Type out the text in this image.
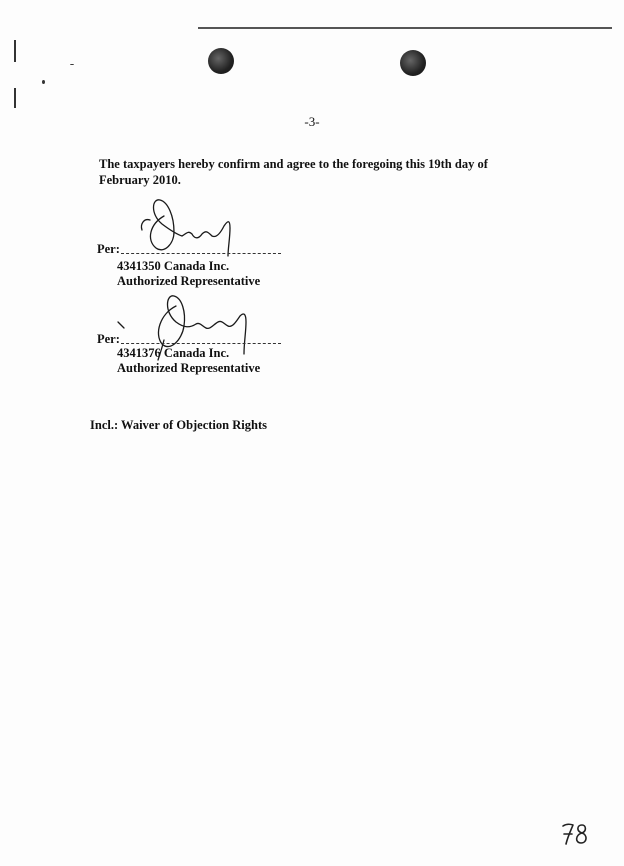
-3-
The taxpayers hereby confirm and agree to the foregoing this 19th day of February 2010.
Per:
4341350 Canada Inc.
Authorized Representative
Per:
4341376 Canada Inc.
Authorized Representative
Incl.: Waiver of Objection Rights
